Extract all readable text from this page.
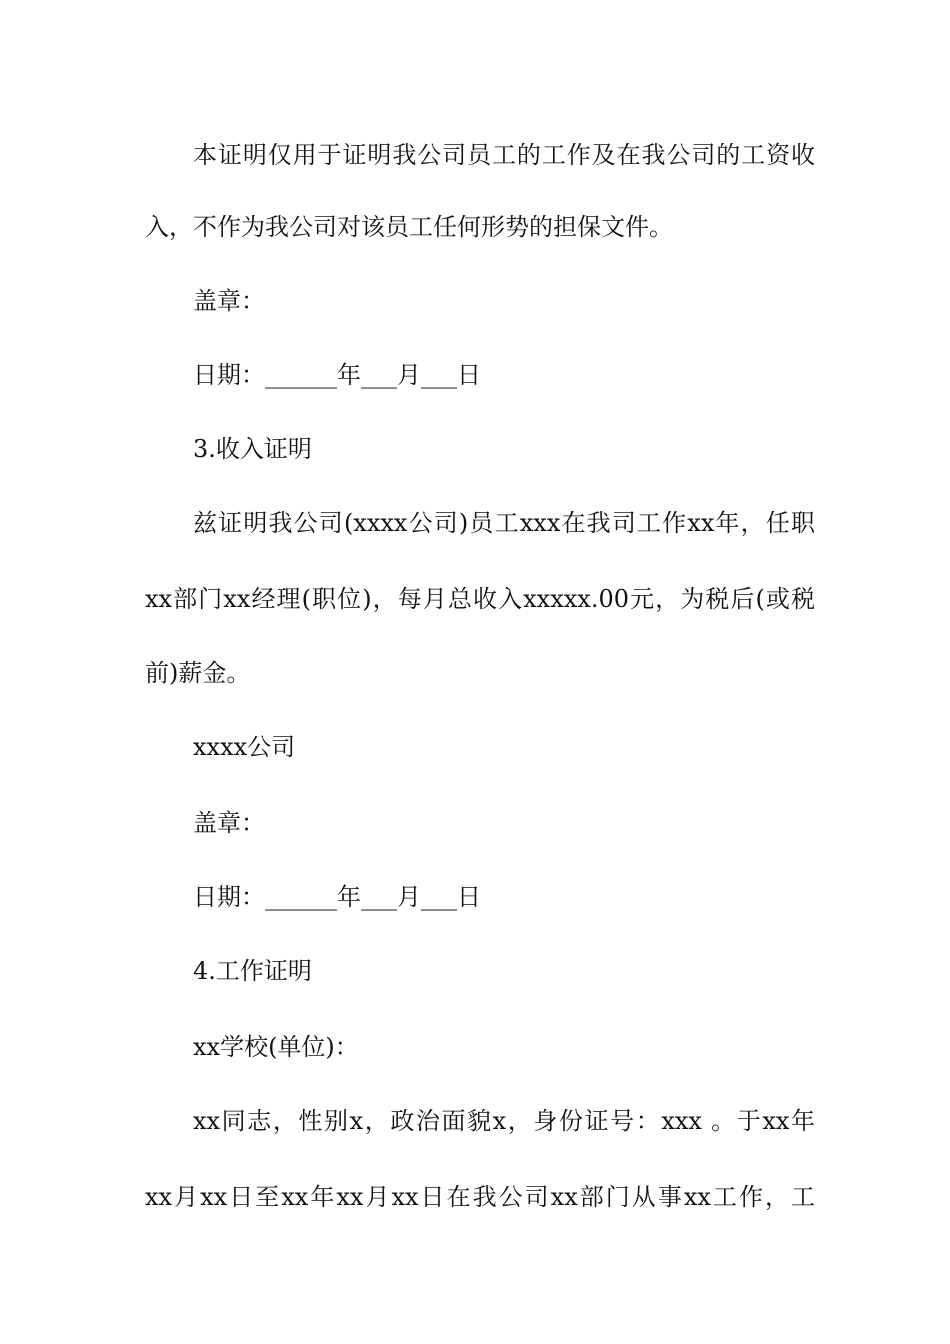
本证明仅用于证明我公司员工的工作及在我公司的工资收
入，不作为我公司对该员工任何形势的担保文件。
盖章：
日期：______年___月___日
3.收入证明
兹证明我公司(xxxx公司)员工xxx在我司工作xx年，任职
xx部门xx经理(职位)，每月总收入xxxxx.00元，为税后(或税
前)薪金。
xxxx公司
盖章：
日期：______年___月___日
4.工作证明
xx学校(单位)：
xx同志，性别x，政治面貌x，身份证号：xxx 。于xx年
xx月xx日至xx年xx月xx日在我公司xx部门从事xx工作，工
